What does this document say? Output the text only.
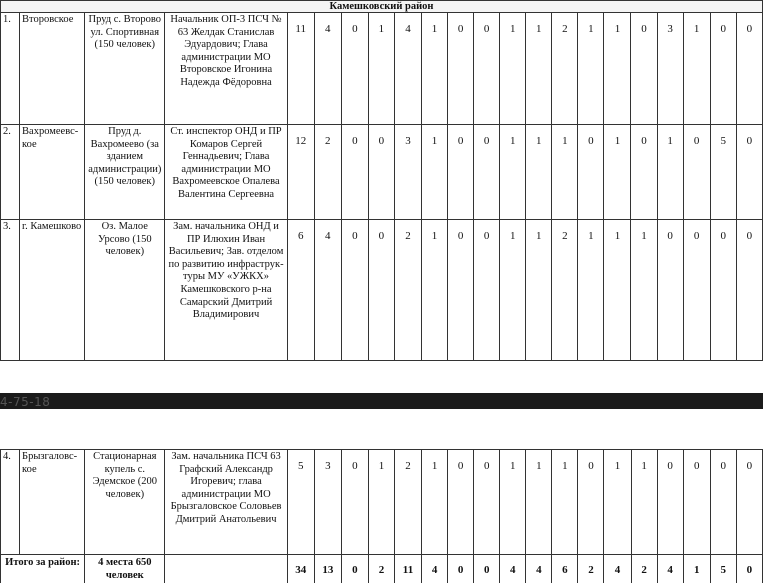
Камешковский район																					
1.	Второвское	Пруд с. Второво ул. Спортивная (150 человек)	Начальник ОП-3 ПСЧ № 63 Желдак Станислав Эдуардович; Глава администрации МО Второвское Игонина Надежда Фёдоровна	11	4	0	1	4	1	0	0	1	1	2	1	1	0	3	1	0	0
2.	Вахромеевс- кое	Пруд д. Вахромеево (за зданием администрации) (150 человек)	Ст. инспектор ОНД и ПР Комаров Сергей Геннадьевич; Глава администрации МО Вахромеевское Опалева Валентина Сергеевна	12	2	0	0	3	1	0	0	1	1	1	0	1	0	1	0	5	0
3.	г. Камешково	Оз. Малое Урсово (150 человек)	Зам. начальника ОНД и ПР Илюхин Иван Васильевич; Зав. отделом по развитию инфраструк- туры МУ «УЖКХ» Камешковского р-на Самарский Дмитрий Владимирович	6	4	0	0	2	1	0	0	1	1	2	1	1	1	0	0	0	0
4-75-18
4.	Брызгаловс- кое	Стационарная купель с. Эдемское (200 человек)	Зам. начальника ПСЧ 63 Графский Александр Игоревич; глава администрации МО Брызгаловское Соловьев Дмитрий Анатольевич	5	3	0	1	2	1	0	0	1	1	1	0	1	1	0	0	0	0
Итого за район:		4 места 650 человек		34	13	0	2	11	4	0	0	4	4	6	2	4	2	4	1	5	0
